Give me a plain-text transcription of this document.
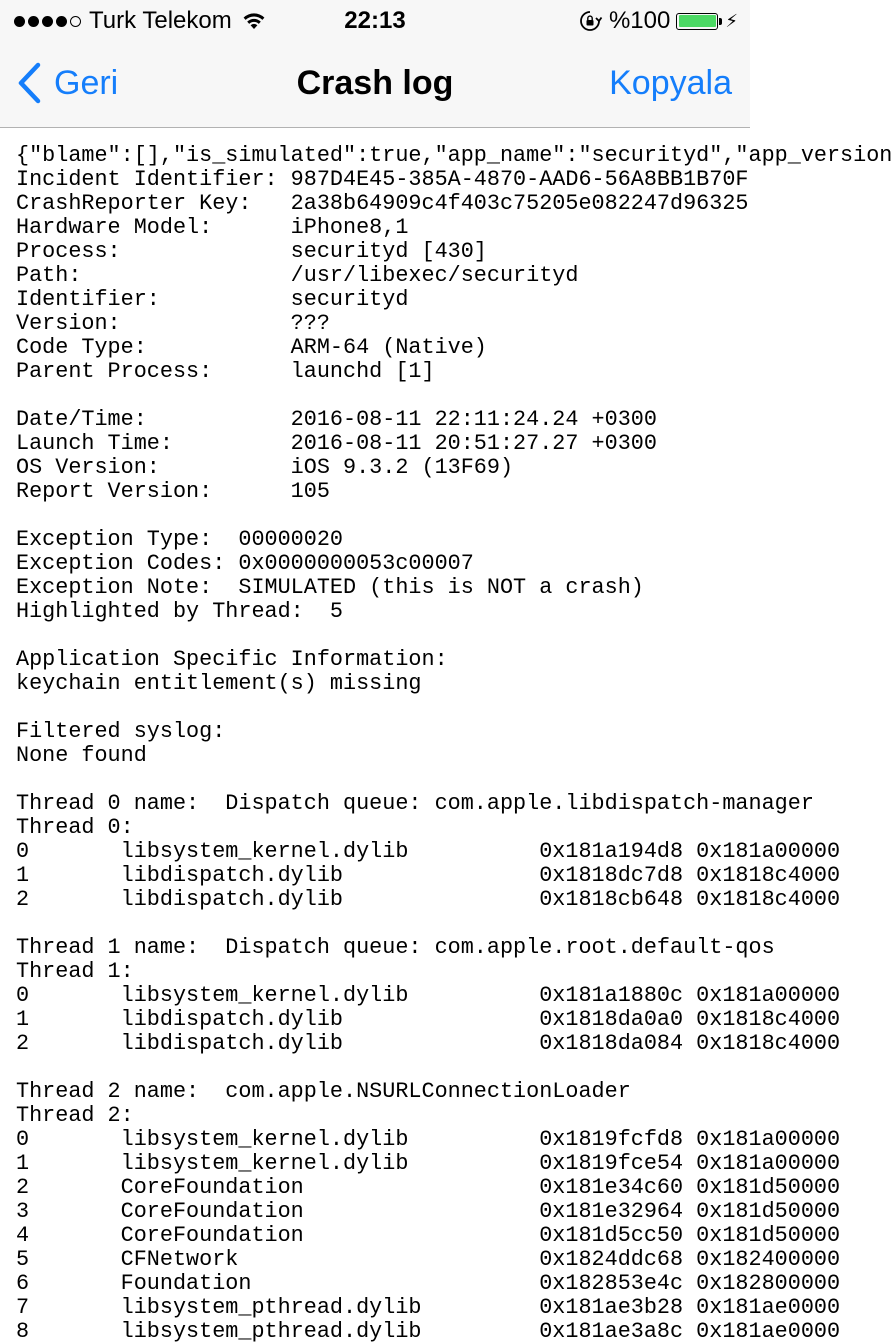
Turk Telekom	22:13	%100	⚡
Geri	Crash log	Kopyala
{"blame":[],"is_simulated":true,"app_name":"securityd","app_version
Incident Identifier: 987D4E45-385A-4870-AAD6-56A8BB1B70F
CrashReporter Key:   2a38b64909c4f403c75205e082247d96325
Hardware Model:      iPhone8,1
Process:             securityd [430]
Path:                /usr/libexec/securityd
Identifier:          securityd
Version:             ???
Code Type:           ARM-64 (Native)
Parent Process:      launchd [1]

Date/Time:           2016-08-11 22:11:24.24 +0300
Launch Time:         2016-08-11 20:51:27.27 +0300
OS Version:          iOS 9.3.2 (13F69)
Report Version:      105

Exception Type:  00000020
Exception Codes: 0x0000000053c00007
Exception Note:  SIMULATED (this is NOT a crash)
Highlighted by Thread:  5

Application Specific Information:
keychain entitlement(s) missing

Filtered syslog:
None found

Thread 0 name:  Dispatch queue: com.apple.libdispatch-manager
Thread 0:
0       libsystem_kernel.dylib          0x181a194d8 0x181a00000
1       libdispatch.dylib               0x1818dc7d8 0x1818c4000
2       libdispatch.dylib               0x1818cb648 0x1818c4000

Thread 1 name:  Dispatch queue: com.apple.root.default-qos
Thread 1:
0       libsystem_kernel.dylib          0x181a1880c 0x181a00000
1       libdispatch.dylib               0x1818da0a0 0x1818c4000
2       libdispatch.dylib               0x1818da084 0x1818c4000

Thread 2 name:  com.apple.NSURLConnectionLoader
Thread 2:
0       libsystem_kernel.dylib          0x1819fcfd8 0x181a00000
1       libsystem_kernel.dylib          0x1819fce54 0x181a00000
2       CoreFoundation                  0x181e34c60 0x181d50000
3       CoreFoundation                  0x181e32964 0x181d50000
4       CoreFoundation                  0x181d5cc50 0x181d50000
5       CFNetwork                       0x1824ddc68 0x182400000
6       Foundation                      0x182853e4c 0x182800000
7       libsystem_pthread.dylib         0x181ae3b28 0x181ae0000
8       libsystem_pthread.dylib         0x181ae3a8c 0x181ae0000
